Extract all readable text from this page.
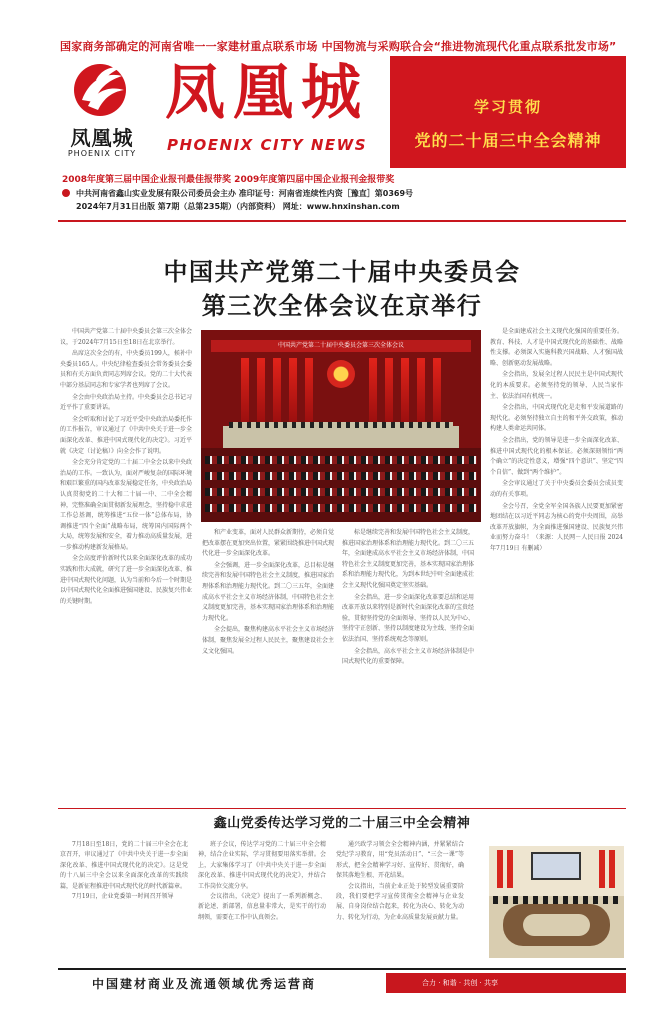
国家商务部确定的河南省唯一一家建材重点联系市场 中国物流与采购联合会“推进物流现代化重点联系批发市场”
凤凰城
PHOENIX CITY
凤凰城
PHOENIX CITY NEWS
学习贯彻
党的二十届三中全会精神
2008年度第三届中国企业报刊最佳报带奖 2009年度第四届中国企业报刊金报带奖
中共河南省鑫山实业发展有限公司委员会主办 准印证号：河南省连续性内资［豫直］第0369号
2024年7月31日出版 第7期（总第235期）（内部资料） 网址：www.hnxinshan.com
中国共产党第二十届中央委员会
第三次全体会议在京举行

中国共产党第二十届中央委员会第三次全体会议，于2024年7月15日至18日在北京举行。

出席这次全会的有，中央委员199人，候补中央委员165人。中央纪律检查委员会常务委员会委员和有关方面负责同志列席会议。党的二十大代表中部分基层同志和专家学者也列席了会议。

全会由中央政治局主持。中央委员会总书记习近平作了重要讲话。

全会听取和讨论了习近平受中央政治局委托作的工作报告，审议通过了《中共中央关于进一步全面深化改革、推进中国式现代化的决定》。习近平就《决定（讨论稿）》向全会作了说明。

全会充分肯定党的二十届二中全会以来中央政治局的工作。一致认为，面对严峻复杂的国际环境和艰巨繁重的国内改革发展稳定任务，中央政治局认真贯彻党的二十大和二十届一中、二中全会精神，完整准确全面贯彻新发展理念，坚持稳中求进工作总基调，统筹推进“五位一体”总体布局，协调推进“四个全面”战略布局，统筹国内国际两个大局，统筹发展和安全，着力推动高质量发展，进一步推动构建新发展格局。

全会高度评价新时代以来全面深化改革的成功实践和伟大成就，研究了进一步全面深化改革、推进中国式现代化问题，认为当前和今后一个时期是以中国式现代化全面推进强国建设、民族复兴伟业的关键时期。

中国共产党第二十届中央委员会第三次全体会议

和产业变革，面对人民群众新期待，必须自觉把改革摆在更加突出位置，紧紧围绕推进中国式现代化进一步全面深化改革。

全会强调，进一步全面深化改革，总目标是继续完善和发展中国特色社会主义制度，推进国家治理体系和治理能力现代化。到二〇三五年，全面建成高水平社会主义市场经济体制，中国特色社会主义制度更加完善，基本实现国家治理体系和治理能力现代化。

全会提出，聚焦构建高水平社会主义市场经济体制，聚焦发展全过程人民民主，聚焦建设社会主义文化强国。

标是继续完善和发展中国特色社会主义制度，推进国家治理体系和治理能力现代化。到二〇三五年，全面建成高水平社会主义市场经济体制，中国特色社会主义制度更加完善，基本实现国家治理体系和治理能力现代化，为到本世纪中叶全面建成社会主义现代化强国奠定坚实基础。

全会指出，进一步全面深化改革要总结和运用改革开放以来特别是新时代全面深化改革的宝贵经验，贯彻坚持党的全面领导、坚持以人民为中心、坚持守正创新、坚持以制度建设为主线、坚持全面依法治国、坚持系统观念等原则。

全会指出，高水平社会主义市场经济体制是中国式现代化的重要保障。

是全面建成社会主义现代化强国的重要任务。教育、科技、人才是中国式现代化的基础性、战略性支撑。必须深入实施科教兴国战略、人才强国战略、创新驱动发展战略。

全会指出，发展全过程人民民主是中国式现代化的本质要求。必须坚持党的领导、人民当家作主、依法治国有机统一。

全会指出，中国式现代化是走和平发展道路的现代化。必须坚持独立自主的和平外交政策，推动构建人类命运共同体。

全会指出，党的领导是进一步全面深化改革、推进中国式现代化的根本保证。必须深刻领悟“两个确立”的决定性意义，增强“四个意识”、坚定“四个自信”、做到“两个维护”。

全会审议通过了关于中央委员会委员会成员变动的有关事项。

全会号召，全党全军全国各族人民要更加紧密地团结在以习近平同志为核心的党中央周围，高举改革开放旗帜，为全面推进强国建设、民族复兴伟业而努力奋斗！（来源：人民网－人民日报 2024年7月19日 有删减）

鑫山党委传达学习党的二十届三中全会精神

7月18日至18日，党的二十届三中全会在北京召开，审议通过了《中共中央关于进一步全面深化改革、推进中国式现代化的决定》。这是党的十八届三中全会以来全面深化改革的实践续篇，是新征程推进中国式现代化的时代新篇章。

7月19日，企业党委第一时间召开领导

班子会议，传达学习党的二十届三中全会精神，结合企业实际，学习贯彻要用落实举措。会上，大家集体学习了《中共中央关于进一步全面深化改革、推进中国式现代化的决定》，并结合工作岗位交流分享。

会议指出，《决定》提出了一系列新概念、新论述、新部署，信息量非常大，是实干的行动纲领，需要在工作中认真领会。

通兴政学习领会全会精神内涵，并紧紧结合党纪学习教育，用“党员活动日”、“三会一课”等形式，把全会精神学习好、宣传好、贯彻好，确保其落地生根、开花结果。

会议指出，当前企业正处于转型发展重要阶段，我们要把学习宣传贯彻全会精神与企业发展、自身岗位结合起来，转化为决心、转化为动力、转化为行动，为企业高质量发展贡献力量。

中国建材商业及流通领域优秀运营商	合力 · 和谐 · 共创 · 共享
